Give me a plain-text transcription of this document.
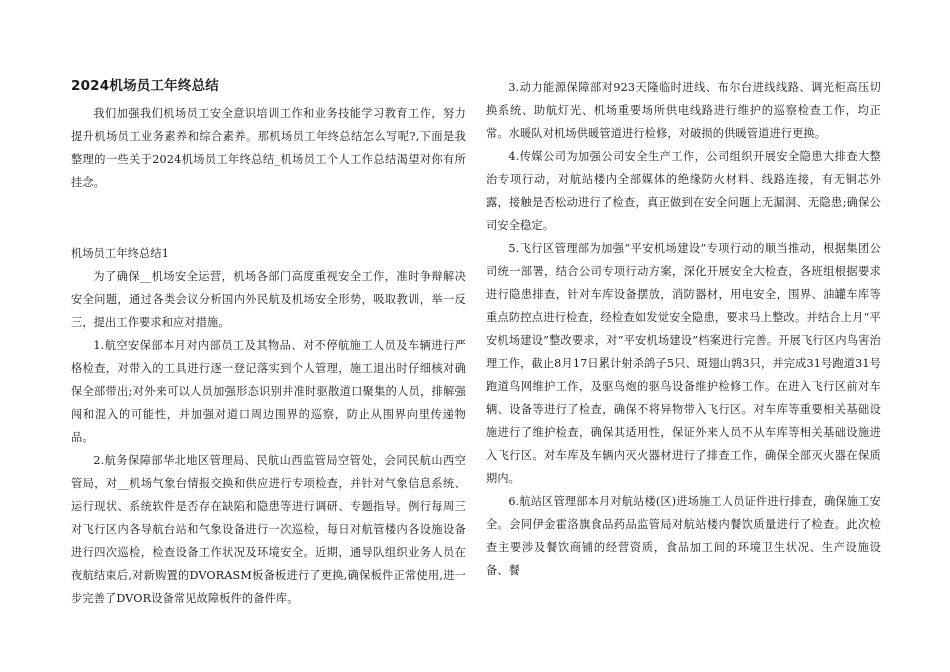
2024机场员工年终总结

我们加强我们机场员工安全意识培训工作和业务技能学习教育工作，努力提升机场员工业务素养和综合素养。那机场员工年终总结怎么写呢?,下面是我整理的一些关于2024机场员工年终总结_机场员工个人工作总结渴望对你有所挂念。

机场员工年终总结1

为了确保__机场安全运营，机场各部门高度重视安全工作，准时争辩解决安全问题，通过各类会议分析国内外民航及机场安全形势，吸取教训，举一反三，提出工作要求和应对措施。

1.航空安保部本月对内部员工及其物品、对不停航施工人员及车辆进行严格检查，对带入的工具进行逐一登记落实到个人管理，施工退出时仔细核对确保全部带出;对外来可以人员加强形态识别并准时驱散道口聚集的人员，排解强闯和混入的可能性，并加强对道口周边围界的巡察，防止从围界向里传递物品。

2.航务保障部华北地区管理局、民航山西监管局空管处，会同民航山西空管局，对__机场气象台情报交换和供应进行专项检查，并针对气象信息系统、运行现状、系统软件是否存在缺陷和隐患等进行调研、专题指导。例行每周三对飞行区内各导航台站和气象设备进行一次巡检，每日对航管楼内各设施设备进行四次巡检，检查设备工作状况及环境安全。近期，通导队组织业务人员在夜航结束后,对新购置的DVORASM板备板进行了更换,确保板件正常使用,进一步完善了DVOR设备常见故障板件的备件库。

3.动力能源保障部对923天隆临时进线、布尔台进线线路、调光柜高压切换系统、助航灯光、机场重要场所供电线路进行维护的巡察检查工作，均正常。水暖队对机场供暖管道进行检修，对破损的供暖管道进行更换。

4.传媒公司为加强公司安全生产工作，公司组织开展安全隐患大排查大整治专项行动，对航站楼内全部媒体的绝缘防火材料、线路连接，有无铜芯外露，接触是否松动进行了检查，真正做到在安全问题上无漏洞、无隐患;确保公司安全稳定。

5.飞行区管理部为加强“平安机场建设”专项行动的顺当推动，根据集团公司统一部署，结合公司专项行动方案，深化开展安全大检查，各班组根据要求进行隐患排查，针对车库设备摆放，消防器材，用电安全，围界、油罐车库等重点防控点进行检查，经检查如发觉安全隐患，要求马上整改。并结合上月“平安机场建设”整改要求，对“平安机场建设”档案进行完善。开展飞行区内鸟害治理工作，截止8月17日累计射杀鸽子5只、斑翅山鹑3只，并完成31号跑道31号跑道鸟网维护工作，及驱鸟炮的驱鸟设备维护检修工作。在进入飞行区前对车辆、设备等进行了检查，确保不将异物带入飞行区。对车库等重要相关基础设施进行了维护检查，确保其适用性，保证外来人员不从车库等相关基础设施进入飞行区。对车库及车辆内灭火器材进行了排查工作，确保全部灭火器在保质期内。

6.航站区管理部本月对航站楼(区)进场施工人员证件进行排查，确保施工安全。会同伊金霍洛旗食品药品监管局对航站楼内餐饮质量进行了检查。此次检查主要涉及餐饮商铺的经营资质，食品加工间的环境卫生状况、生产设施设备、餐
